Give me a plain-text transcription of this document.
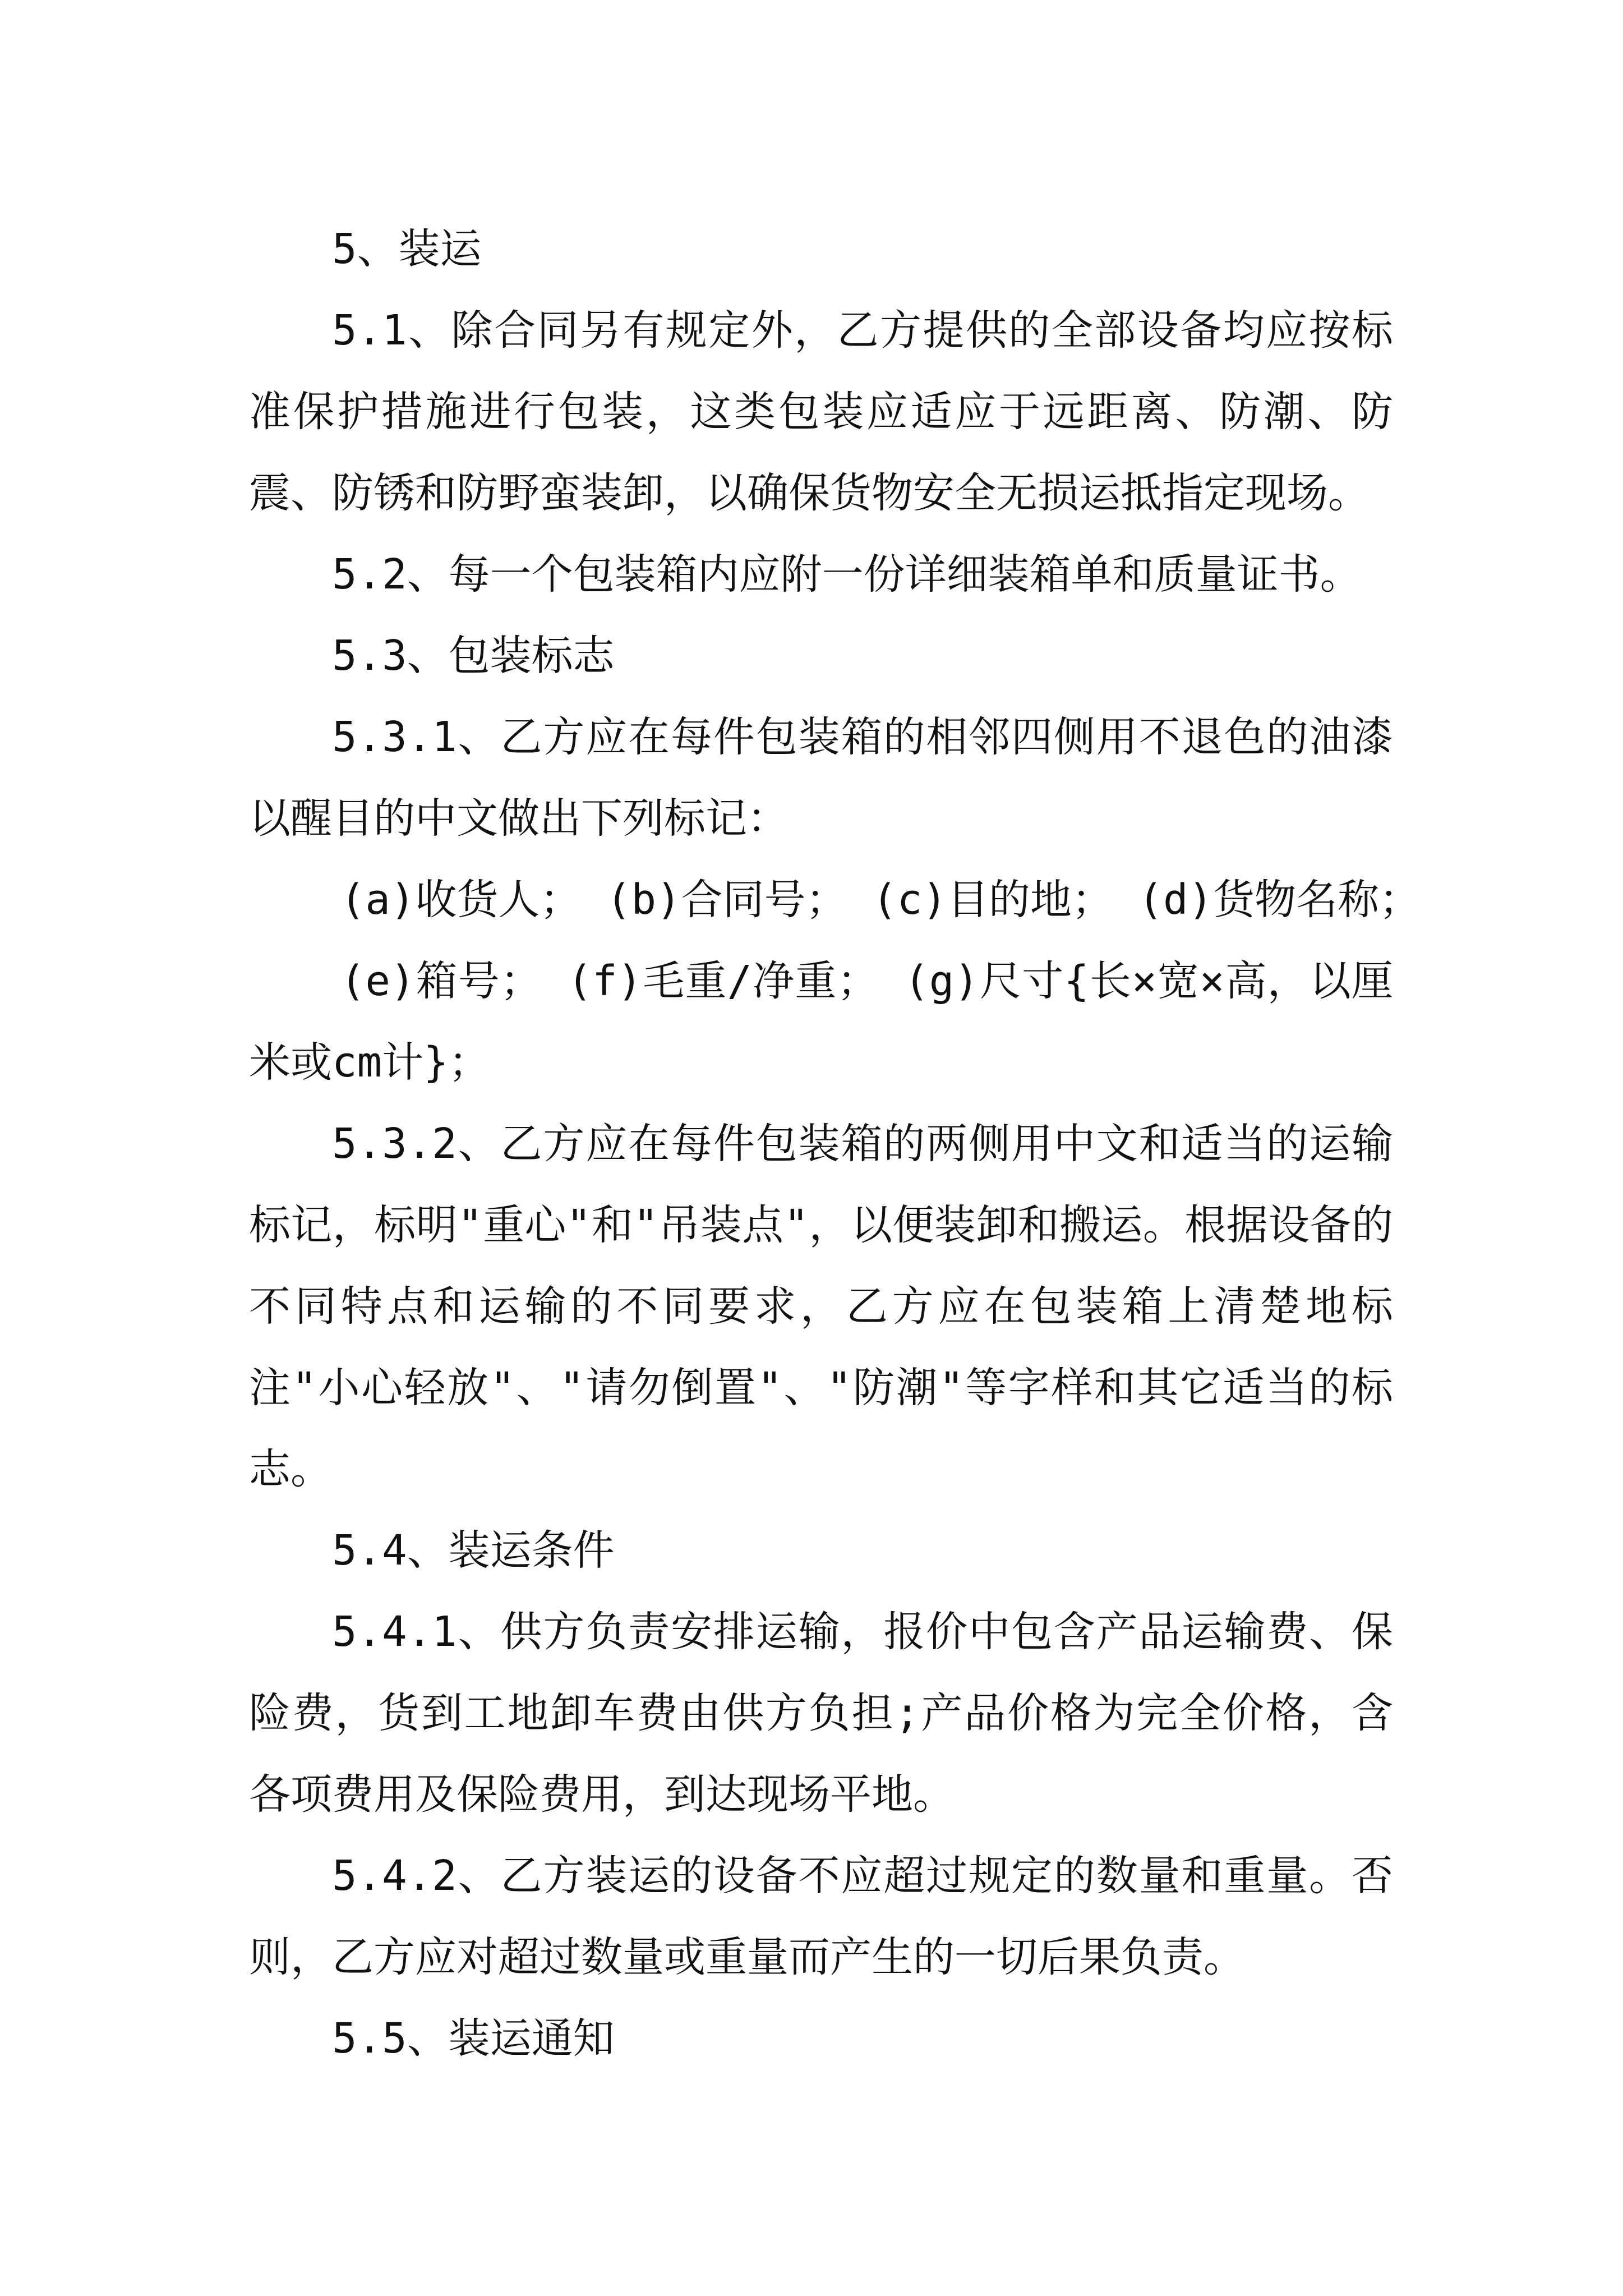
5、装运

5.1、除合同另有规定外，乙方提供的全部设备均应按标准保护措施进行包装，这类包装应适应于远距离、防潮、防震、防锈和防野蛮装卸，以确保货物安全无损运抵指定现场。

5.2、每一个包装箱内应附一份详细装箱单和质量证书。

5.3、包装标志

5.3.1、乙方应在每件包装箱的相邻四侧用不退色的油漆以醒目的中文做出下列标记：

(a)收货人； (b)合同号； (c)目的地； (d)货物名称；

(e)箱号； (f)毛重/净重； (g)尺寸{长×宽×高，以厘米或cm计}；

5.3.2、乙方应在每件包装箱的两侧用中文和适当的运输标记，标明"重心"和"吊装点"，以便装卸和搬运。根据设备的不同特点和运输的不同要求，乙方应在包装箱上清楚地标注"小心轻放"、"请勿倒置"、"防潮"等字样和其它适当的标志。

5.4、装运条件

5.4.1、供方负责安排运输，报价中包含产品运输费、保险费，货到工地卸车费由供方负担;产品价格为完全价格，含各项费用及保险费用，到达现场平地。

5.4.2、乙方装运的设备不应超过规定的数量和重量。否则，乙方应对超过数量或重量而产生的一切后果负责。

5.5、装运通知
